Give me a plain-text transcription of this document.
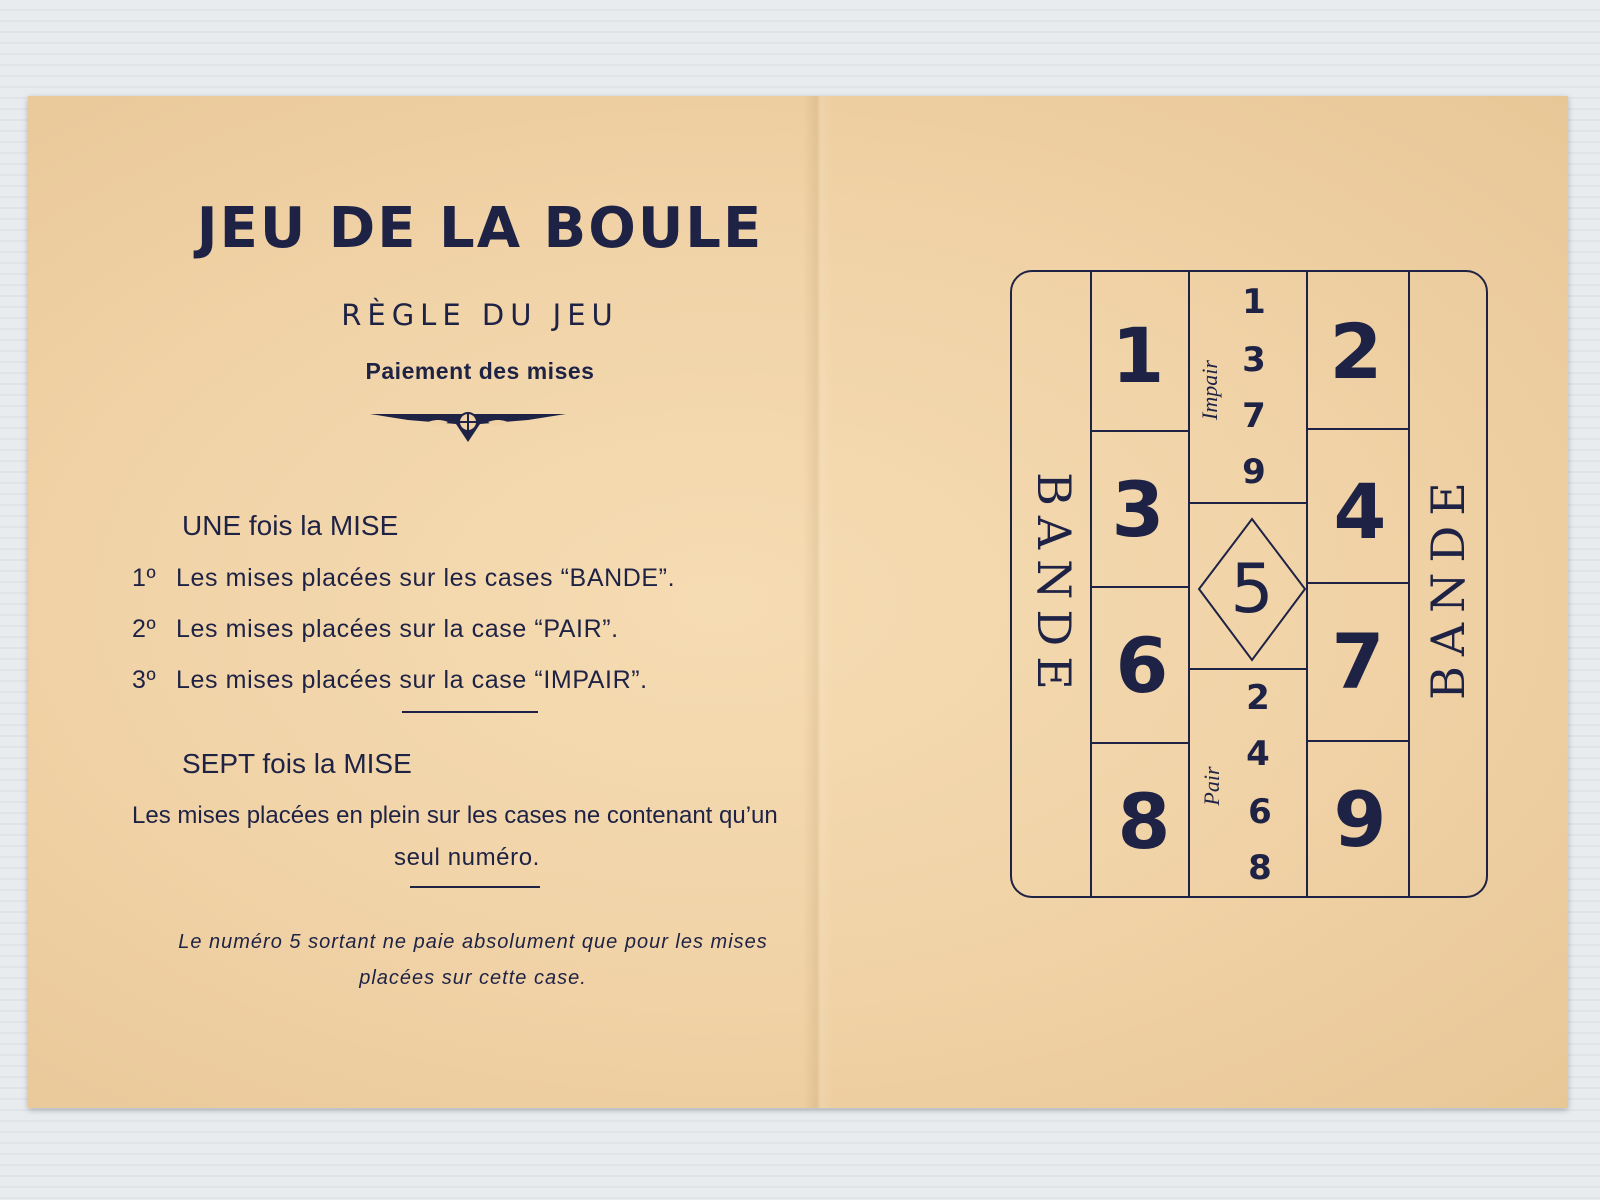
JEU DE LA BOULE
RÈGLE DU JEU
Paiement des mises
UNE fois la MISE
1º Les mises placées sur les cases “BANDE”.
2º Les mises placées sur la case “PAIR”.
3º Les mises placées sur la case “IMPAIR”.
SEPT fois la MISE
Les mises placées en plein sur les cases ne contenant qu’un
seul numéro.
Le numéro 5 sortant ne paie absolument que pour les mises
placées sur cette case.
BANDE	BANDE
1
3
6
8
2
4
7
9
Impair
1
3
7
9
5
Pair
2
4
6
8
